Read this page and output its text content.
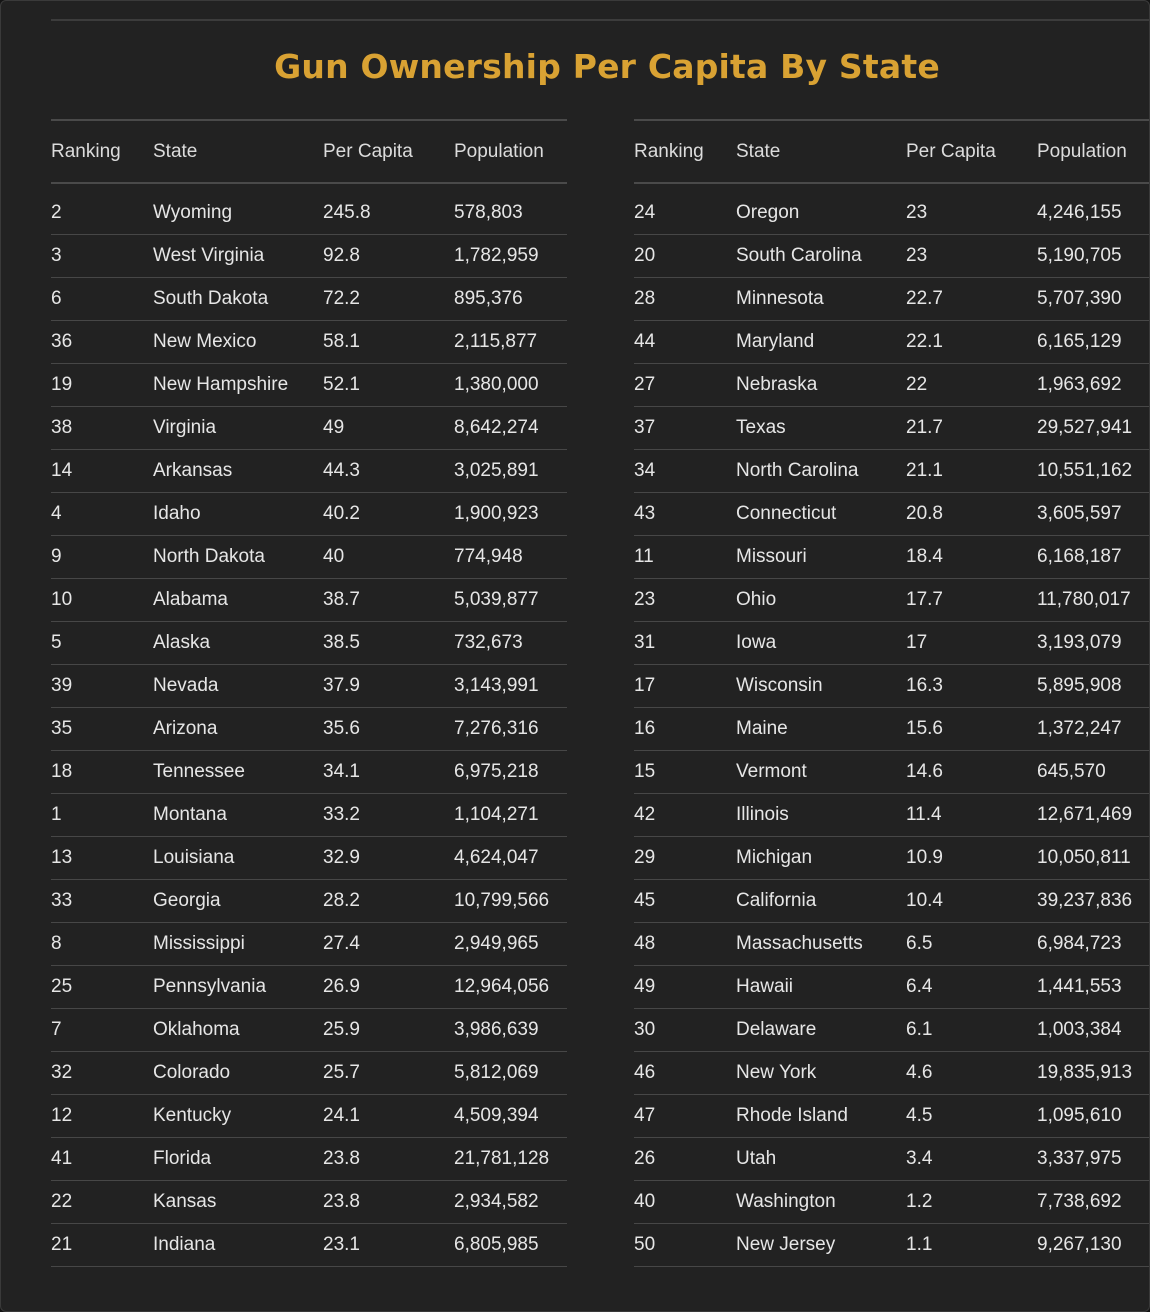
Gun Ownership Per Capita By State
Ranking	State	Per Capita	Population
2	Wyoming	245.8	578,803
3	West Virginia	92.8	1,782,959
6	South Dakota	72.2	895,376
36	New Mexico	58.1	2,115,877
19	New Hampshire	52.1	1,380,000
38	Virginia	49	8,642,274
14	Arkansas	44.3	3,025,891
4	Idaho	40.2	1,900,923
9	North Dakota	40	774,948
10	Alabama	38.7	5,039,877
5	Alaska	38.5	732,673
39	Nevada	37.9	3,143,991
35	Arizona	35.6	7,276,316
18	Tennessee	34.1	6,975,218
1	Montana	33.2	1,104,271
13	Louisiana	32.9	4,624,047
33	Georgia	28.2	10,799,566
8	Mississippi	27.4	2,949,965
25	Pennsylvania	26.9	12,964,056
7	Oklahoma	25.9	3,986,639
32	Colorado	25.7	5,812,069
12	Kentucky	24.1	4,509,394
41	Florida	23.8	21,781,128
22	Kansas	23.8	2,934,582
21	Indiana	23.1	6,805,985
Ranking	State	Per Capita	Population
24	Oregon	23	4,246,155
20	South Carolina	23	5,190,705
28	Minnesota	22.7	5,707,390
44	Maryland	22.1	6,165,129
27	Nebraska	22	1,963,692
37	Texas	21.7	29,527,941
34	North Carolina	21.1	10,551,162
43	Connecticut	20.8	3,605,597
11	Missouri	18.4	6,168,187
23	Ohio	17.7	11,780,017
31	Iowa	17	3,193,079
17	Wisconsin	16.3	5,895,908
16	Maine	15.6	1,372,247
15	Vermont	14.6	645,570
42	Illinois	11.4	12,671,469
29	Michigan	10.9	10,050,811
45	California	10.4	39,237,836
48	Massachusetts	6.5	6,984,723
49	Hawaii	6.4	1,441,553
30	Delaware	6.1	1,003,384
46	New York	4.6	19,835,913
47	Rhode Island	4.5	1,095,610
26	Utah	3.4	3,337,975
40	Washington	1.2	7,738,692
50	New Jersey	1.1	9,267,130
